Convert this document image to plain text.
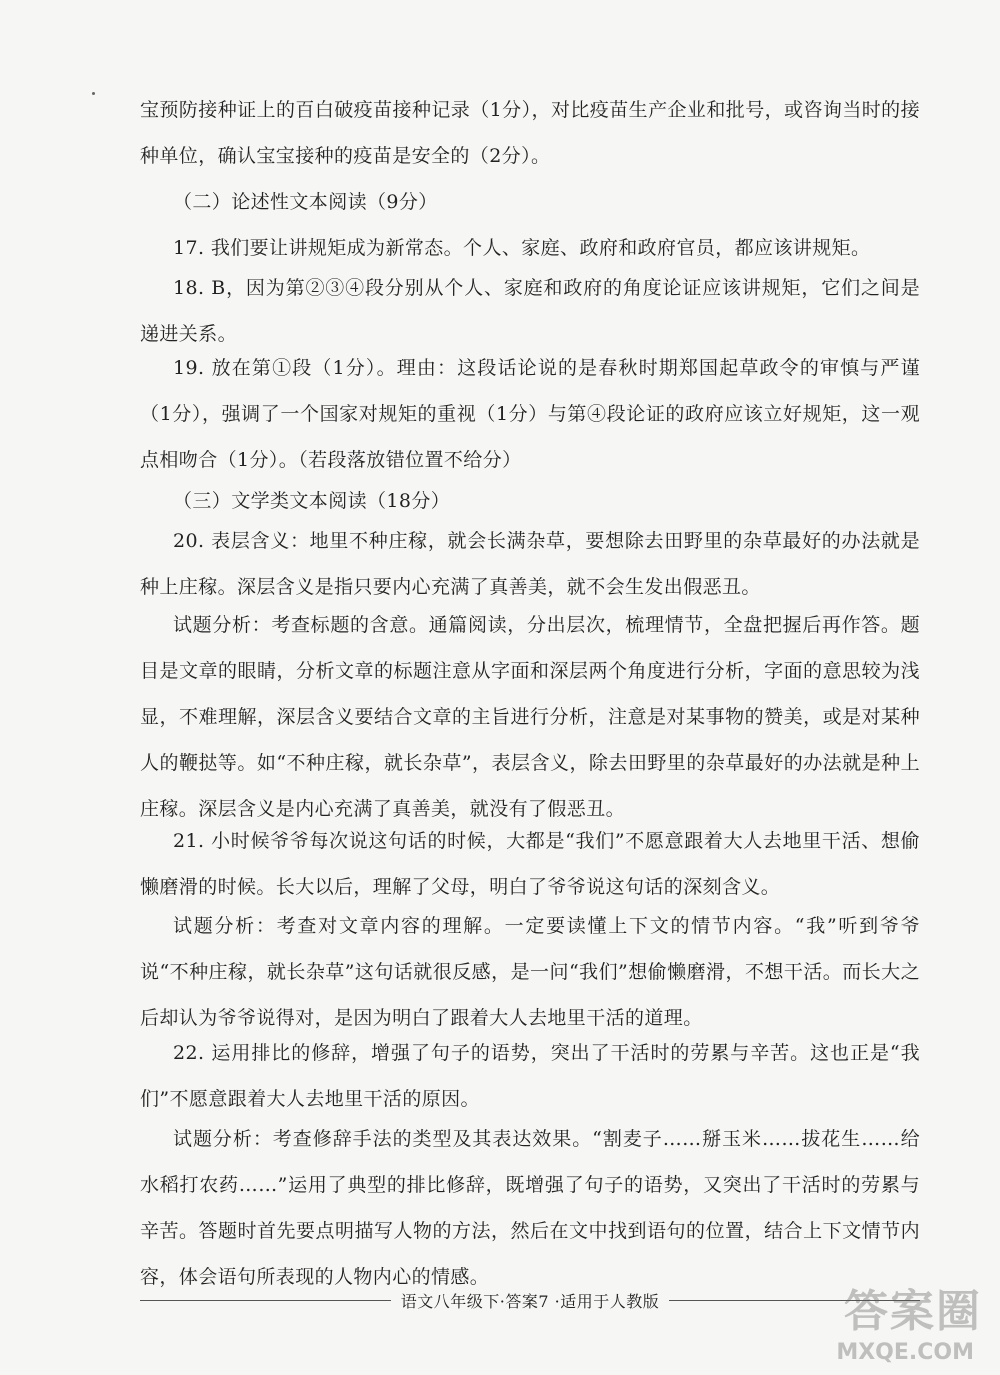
宝预防接种证上的百白破疫苗接种记录（1分），对比疫苗生产企业和批号，或咨询当时的接种单位，确认宝宝接种的疫苗是安全的（2分）。

（二）论述性文本阅读（9分）

17. 我们要让讲规矩成为新常态。个人、家庭、政府和政府官员，都应该讲规矩。

18. B，因为第②③④段分别从个人、家庭和政府的角度论证应该讲规矩，它们之间是递进关系。

19. 放在第①段（1分）。理由：这段话论说的是春秋时期郑国起草政令的审慎与严谨（1分），强调了一个国家对规矩的重视（1分）与第④段论证的政府应该立好规矩，这一观点相吻合（1分）。（若段落放错位置不给分）

（三）文学类文本阅读（18分）

20. 表层含义：地里不种庄稼，就会长满杂草，要想除去田野里的杂草最好的办法就是种上庄稼。深层含义是指只要内心充满了真善美，就不会生发出假恶丑。

试题分析：考查标题的含意。通篇阅读，分出层次，梳理情节，全盘把握后再作答。题目是文章的眼睛，分析文章的标题注意从字面和深层两个角度进行分析，字面的意思较为浅显，不难理解，深层含义要结合文章的主旨进行分析，注意是对某事物的赞美，或是对某种人的鞭挞等。如“不种庄稼，就长杂草”，表层含义，除去田野里的杂草最好的办法就是种上庄稼。深层含义是内心充满了真善美，就没有了假恶丑。

21. 小时候爷爷每次说这句话的时候，大都是“我们”不愿意跟着大人去地里干活、想偷懒磨滑的时候。长大以后，理解了父母，明白了爷爷说这句话的深刻含义。

试题分析：考查对文章内容的理解。一定要读懂上下文的情节内容。“我”听到爷爷说“不种庄稼，就长杂草”这句话就很反感，是一问“我们”想偷懒磨滑，不想干活。而长大之后却认为爷爷说得对，是因为明白了跟着大人去地里干活的道理。

22. 运用排比的修辞，增强了句子的语势，突出了干活时的劳累与辛苦。这也正是“我们”不愿意跟着大人去地里干活的原因。

试题分析：考查修辞手法的类型及其表达效果。“割麦子……掰玉米……拔花生……给水稻打农药……”运用了典型的排比修辞，既增强了句子的语势，又突出了干活时的劳累与辛苦。答题时首先要点明描写人物的方法，然后在文中找到语句的位置，结合上下文情节内容，体会语句所表现的人物内心的情感。

语文八年级下·答案7 ·适用于人教版	答案圈
MXQE.COM
